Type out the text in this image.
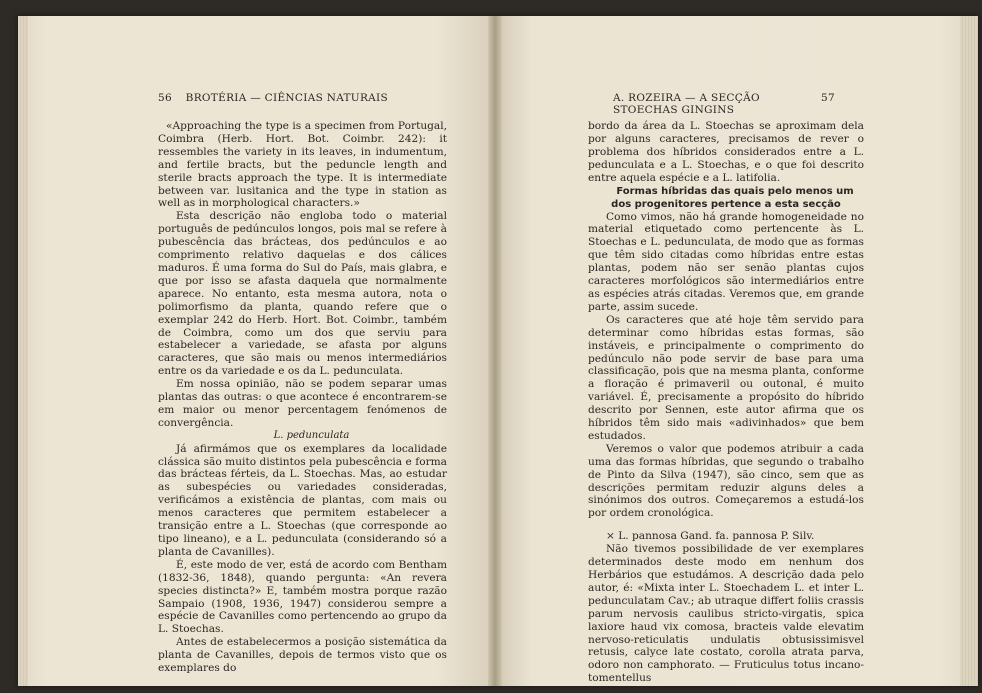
56 BROTÉRIA — CIÊNCIAS NATURAIS

«Approaching the type is a specimen from Portugal, Coimbra (Herb. Hort. Bot. Coimbr. 242): it ressembles the variety in its leaves, in indumentum, and fertile bracts, but the peduncle length and sterile bracts approach the type. It is intermediate between var. lusitanica and the type in station as well as in morphological characters.»

Esta descrição não engloba todo o material português de pedúnculos longos, pois mal se refere à pubescência das brácteas, dos pedúnculos e ao comprimento relativo daquelas e dos cálices maduros. É uma forma do Sul do País, mais glabra, e que por isso se afasta daquela que normalmente aparece. No entanto, esta mesma autora, nota o polimorfismo da planta, quando refere que o exemplar 242 do Herb. Hort. Bot. Coimbr., também de Coimbra, como um dos que serviu para estabelecer a variedade, se afasta por alguns caracteres, que são mais ou menos intermediários entre os da variedade e os da L. pedunculata.

Em nossa opinião, não se podem separar umas plantas das outras: o que acontece é encontrarem-se em maior ou menor percentagem fenómenos de convergência.

L. pedunculata

Já afirmámos que os exemplares da localidade clássica são muito distintos pela pubescência e forma das brácteas férteis, da L. Stoechas. Mas, ao estudar as subespécies ou variedades consideradas, verificámos a existência de plantas, com mais ou menos caracteres que permitem estabelecer a transição entre a L. Stoechas (que corresponde ao tipo lineano), e a L. pedunculata (considerando só a planta de Cavanilles).

É, este modo de ver, está de acordo com Bentham (1832-36, 1848), quando pergunta: «An revera species distincta?» E, também mostra porque razão Sampaio (1908, 1936, 1947) considerou sempre a espécie de Cavanilles como pertencendo ao grupo da L. Stoechas.

Antes de estabelecermos a posição sistemática da planta de Cavanilles, depois de termos visto que os exemplares do

A. ROZEIRA — A SECÇÃO STOECHAS GINGINS
57

bordo da área da L. Stoechas se aproximam dela por alguns caracteres, precisamos de rever o problema dos híbridos considerados entre a L. pedunculata e a L. Stoechas, e o que foi descrito entre aquela espécie e a L. latifolia.

Formas híbridas das quais pelo menos um dos progenitores pertence a esta secção

Como vimos, não há grande homogeneidade no material etiquetado como pertencente às L. Stoechas e L. pedunculata, de modo que as formas que têm sido citadas como híbridas entre estas plantas, podem não ser senão plantas cujos caracteres morfológicos são intermediários entre as espécies atrás citadas. Veremos que, em grande parte, assim sucede.

Os caracteres que até hoje têm servido para determinar como híbridas estas formas, são instáveis, e principalmente o comprimento do pedúnculo não pode servir de base para uma classificação, pois que na mesma planta, conforme a floração é primaveril ou outonal, é muito variável. É, precisamente a propósito do híbrido descrito por Sennen, este autor afirma que os híbridos têm sido mais «adivinhados» que bem estudados.

Veremos o valor que podemos atribuir a cada uma das formas híbridas, que segundo o trabalho de Pinto da Silva (1947), são cinco, sem que as descrições permitam reduzir alguns deles a sinónimos dos outros. Começaremos a estudá-los por ordem cronológica.

× L. pannosa Gand. fa. pannosa P. Silv.

Não tivemos possibilidade de ver exemplares determinados deste modo em nenhum dos Herbários que estudámos. A descrição dada pelo autor, é: «Mixta inter L. Stoechadem L. et inter L. pedunculatam Cav.; ab utraque differt foliis crassis parum nervosis caulibus stricto-virgatis, spica laxiore haud vix comosa, bracteis valde elevatim nervoso-reticulatis undulatis obtusissimisvel retusis, calyce late costato, corolla atrata parva, odoro non camphorato. — Fruticulus totus incano-tomentellus
